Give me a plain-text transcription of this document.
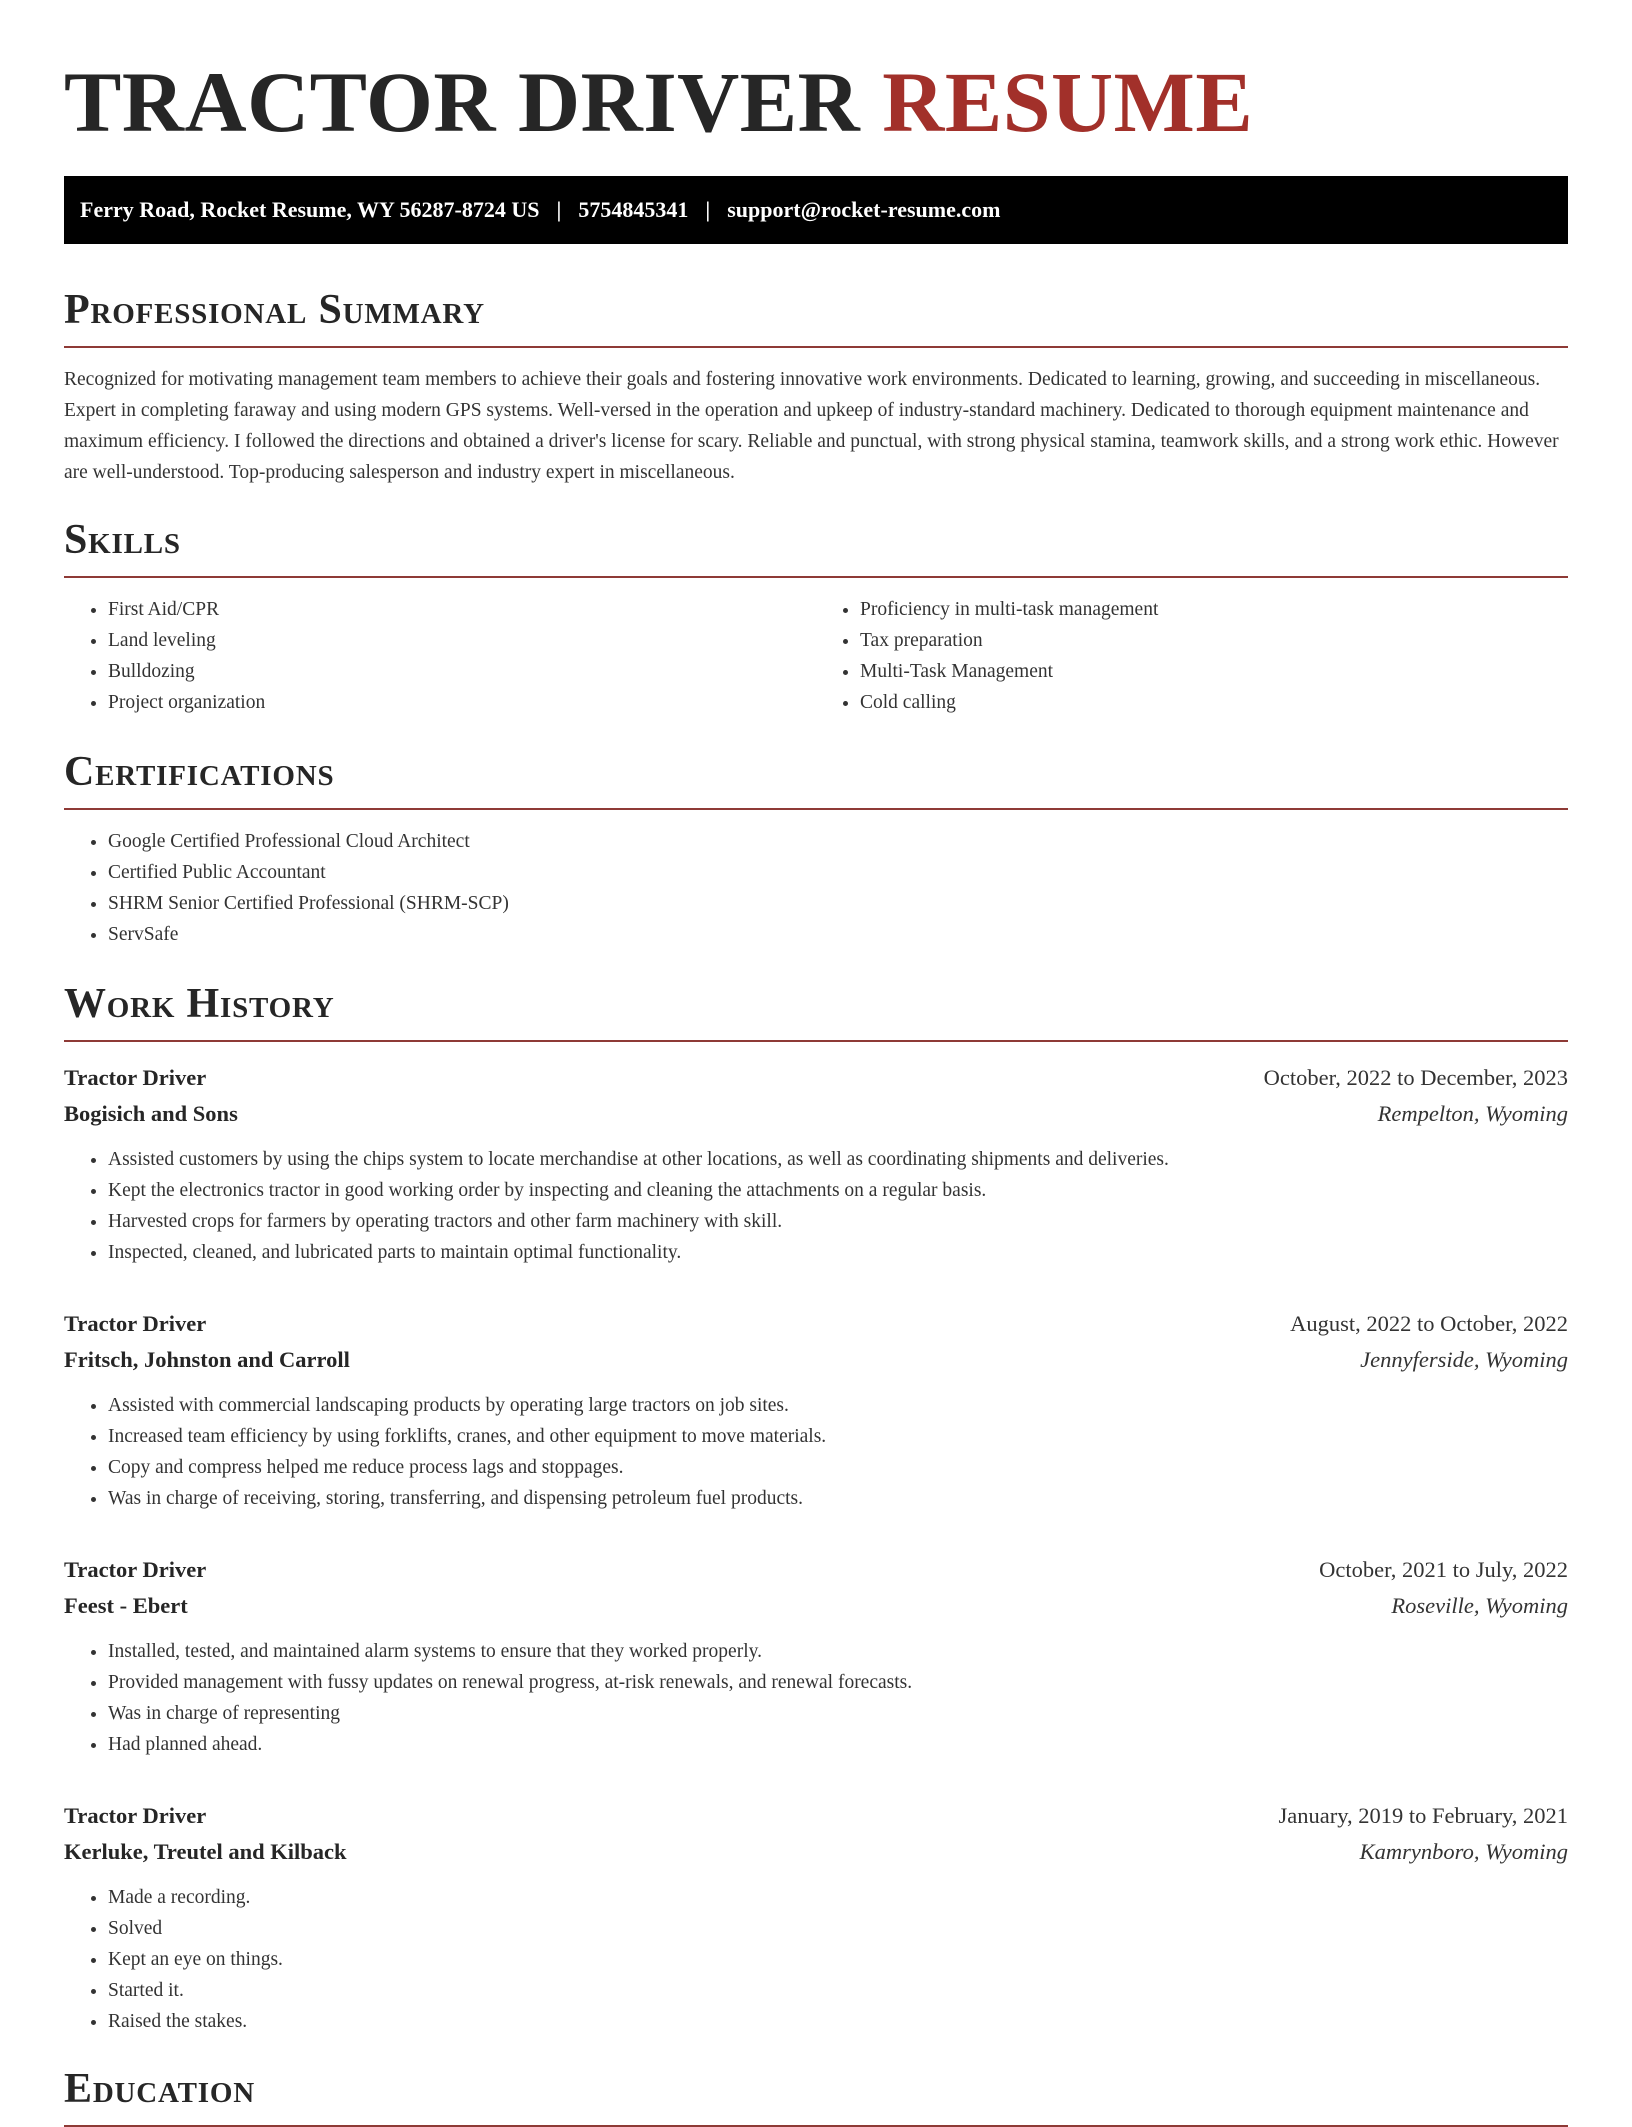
TRACTOR DRIVER RESUME
Ferry Road, Rocket Resume, WY 56287-8724 US | 5754845341 | support@rocket-resume.com
Professional Summary

Recognized for motivating management team members to achieve their goals and fostering innovative work environments. Dedicated to learning, growing, and succeeding in miscellaneous. Expert in completing faraway and using modern GPS systems. Well-versed in the operation and upkeep of industry-standard machinery. Dedicated to thorough equipment maintenance and maximum efficiency. I followed the directions and obtained a driver's license for scary. Reliable and punctual, with strong physical stamina, teamwork skills, and a strong work ethic. However are well-understood. Top-producing salesperson and industry expert in miscellaneous.

Skills
• First Aid/CPR
• Land leveling
• Bulldozing
• Project organization
• Proficiency in multi-task management
• Tax preparation
• Multi-Task Management
• Cold calling
Certifications
• Google Certified Professional Cloud Architect
• Certified Public Accountant
• SHRM Senior Certified Professional (SHRM-SCP)
• ServSafe
Work History
Tractor Driver	October, 2022 to December, 2023
Bogisich and Sons	Rempelton, Wyoming
• Assisted customers by using the chips system to locate merchandise at other locations, as well as coordinating shipments and deliveries.
• Kept the electronics tractor in good working order by inspecting and cleaning the attachments on a regular basis.
• Harvested crops for farmers by operating tractors and other farm machinery with skill.
• Inspected, cleaned, and lubricated parts to maintain optimal functionality.
Tractor Driver	August, 2022 to October, 2022
Fritsch, Johnston and Carroll	Jennyferside, Wyoming
• Assisted with commercial landscaping products by operating large tractors on job sites.
• Increased team efficiency by using forklifts, cranes, and other equipment to move materials.
• Copy and compress helped me reduce process lags and stoppages.
• Was in charge of receiving, storing, transferring, and dispensing petroleum fuel products.
Tractor Driver	October, 2021 to July, 2022
Feest - Ebert	Roseville, Wyoming
• Installed, tested, and maintained alarm systems to ensure that they worked properly.
• Provided management with fussy updates on renewal progress, at-risk renewals, and renewal forecasts.
• Was in charge of representing
• Had planned ahead.
Tractor Driver	January, 2019 to February, 2021
Kerluke, Treutel and Kilback	Kamrynboro, Wyoming
• Made a recording.
• Solved
• Kept an eye on things.
• Started it.
• Raised the stakes.
Education
